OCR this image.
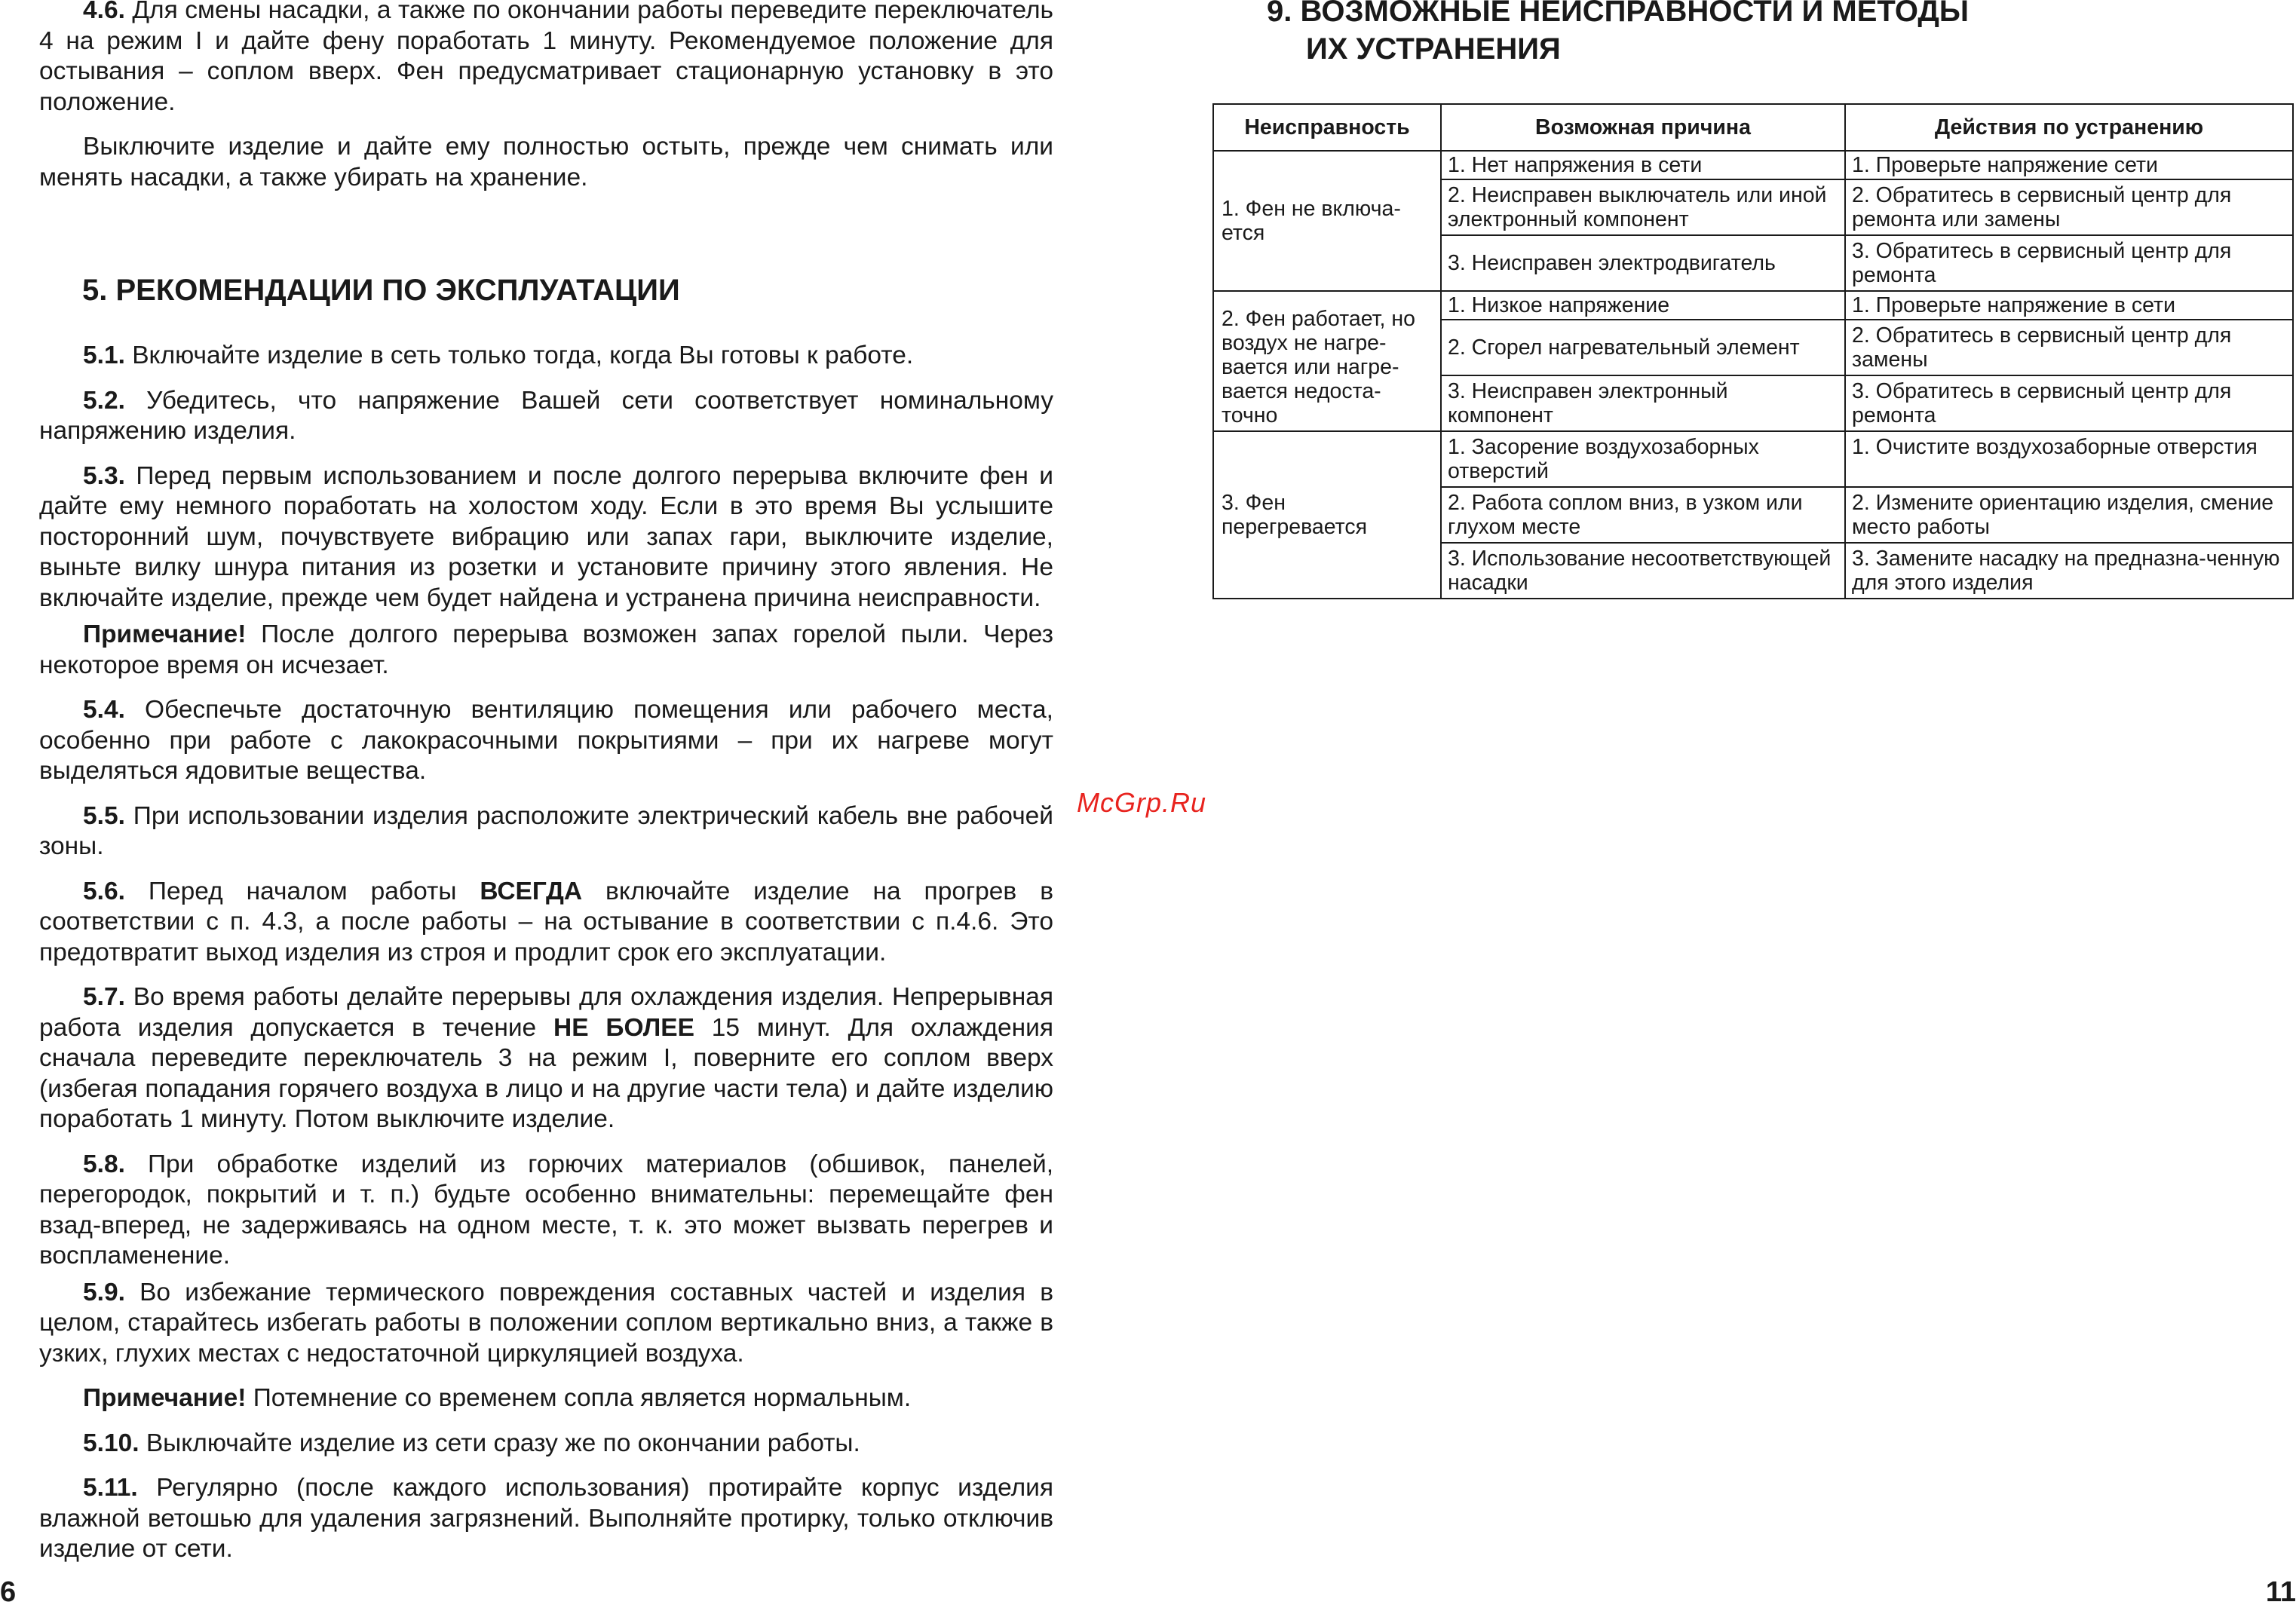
4.6. Для смены насадки, а также по окончании работы переведите переключатель 4 на режим I и дайте фену поработать 1 минуту. Рекомендуемое положение для остывания – соплом вверх. Фен предусматривает стационарную установку в это положение.

Выключите изделие и дайте ему полностью остыть, прежде чем снимать или менять насадки, а также убирать на хранение.

5. РЕКОМЕНДАЦИИ ПО ЭКСПЛУАТАЦИИ

5.1. Включайте изделие в сеть только тогда, когда Вы готовы к работе.

5.2. Убедитесь, что напряжение Вашей сети соответствует номинальному напряжению изделия.

5.3. Перед первым использованием и после долгого перерыва включите фен и дайте ему немного поработать на холостом ходу. Если в это время Вы услышите посторонний шум, почувствуете вибрацию или запах гари, выключите изделие, выньте вилку шнура питания из розетки и установите причину этого явления. Не включайте изделие, прежде чем будет найдена и устранена причина неисправности.

Примечание! После долгого перерыва возможен запах горелой пыли. Через некоторое время он исчезает.

5.4. Обеспечьте достаточную вентиляцию помещения или рабочего места, особенно при работе с лакокрасочными покрытиями – при их нагреве могут выделяться ядовитые вещества.

5.5. При использовании изделия расположите электрический кабель вне рабочей зоны.

5.6. Перед началом работы ВСЕГДА включайте изделие на прогрев в соответствии с п. 4.3, а после работы – на остывание в соответствии с п.4.6. Это предотвратит выход изделия из строя и продлит срок его эксплуатации.

5.7. Во время работы делайте перерывы для охлаждения изделия. Непрерывная работа изделия допускается в течение НЕ БОЛЕЕ 15 минут. Для охлаждения сначала переведите переключатель 3 на режим I, поверните его соплом вверх (избегая попадания горячего воздуха в лицо и на другие части тела) и дайте изделию поработать 1 минуту. Потом выключите изделие.

5.8. При обработке изделий из горючих материалов (обшивок, панелей, перегородок, покрытий и т. п.) будьте особенно внимательны: перемещайте фен взад-вперед, не задерживаясь на одном месте, т. к. это может вызвать перегрев и воспламенение.

5.9. Во избежание термического повреждения составных частей и изделия в целом, старайтесь избегать работы в положении соплом вертикально вниз, а также в узких, глухих местах с недостаточной циркуляцией воздуха.

Примечание! Потемнение со временем сопла является нормальным.

5.10. Выключайте изделие из сети сразу же по окончании работы.

5.11. Регулярно (после каждого использования) протирайте корпус изделия влажной ветошью для удаления загрязнений. Выполняйте протирку, только отключив изделие от сети.

6
McGrp.Ru
9. ВОЗМОЖНЫЕ НЕИСПРАВНОСТИ И МЕТОДЫ
ИХ УСТРАНЕНИЯ
Неисправность	Возможная причина	Действия по устранению
1. Фен не включа-ется	1. Нет напряжения в сети	1. Проверьте напряжение сети
	2. Неисправен выключатель или иной электронный компонент	2. Обратитесь в сервисный центр для ремонта или замены
	3. Неисправен электродвигатель	3. Обратитесь в сервисный центр для ремонта
2. Фен работает, но воздух не нагре-вается или нагре-вается недоста-точно	1. Низкое напряжение	1. Проверьте напряжение в сети
	2. Сгорел нагревательный элемент	2. Обратитесь в сервисный центр для замены
	3. Неисправен электронный компонент	3. Обратитесь в сервисный центр для ремонта
3. Фен перегревается	1. Засорение воздухозаборных отверстий	1. Очистите воздухозаборные отверстия
	2. Работа соплом вниз, в узком или глухом месте	2. Измените ориентацию изделия, смение место работы
	3. Использование несоответствующей насадки	3. Замените насадку на предназна-ченную для этого изделия
11
